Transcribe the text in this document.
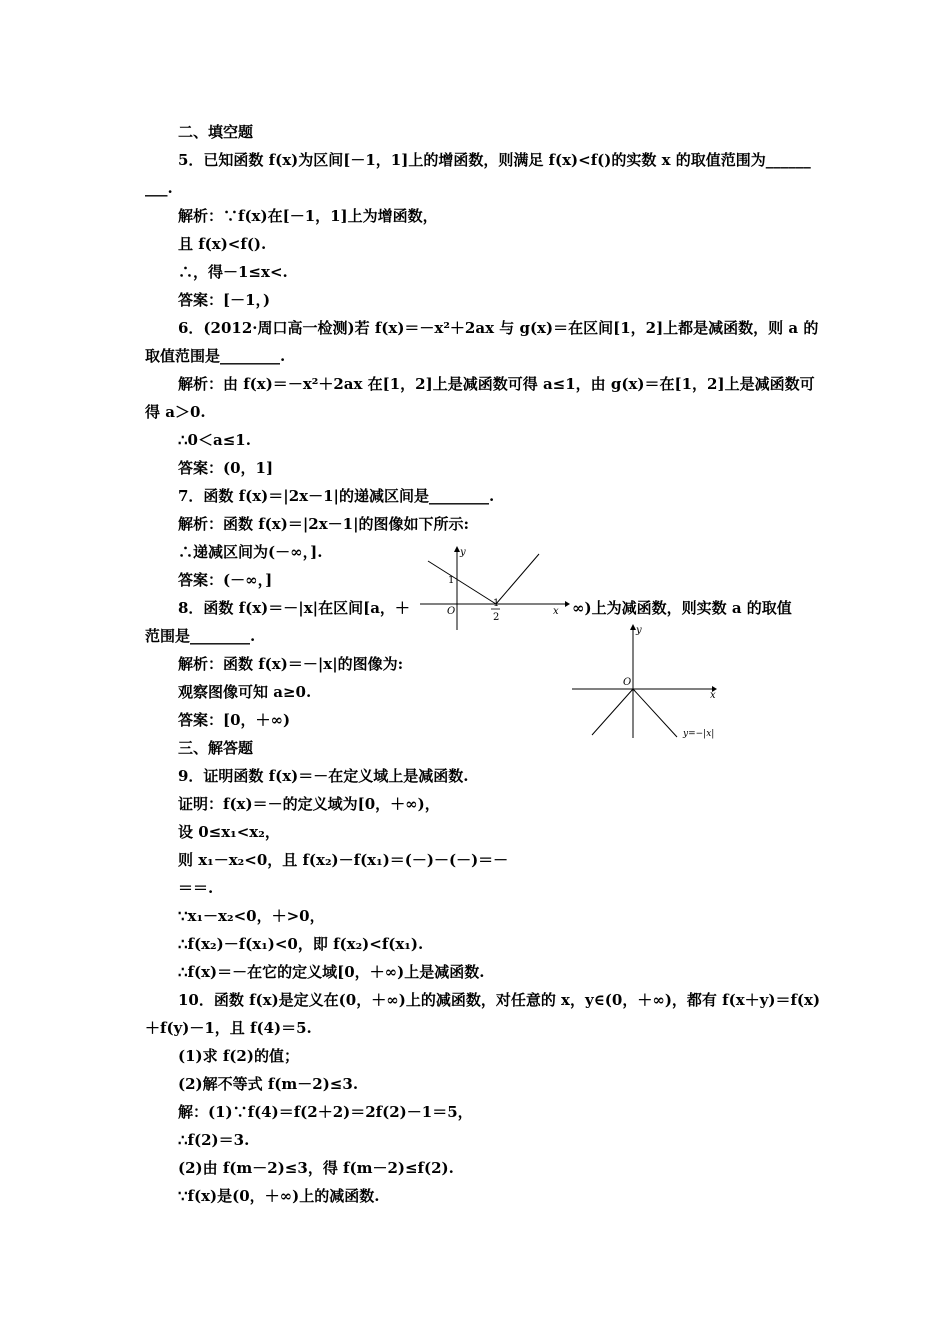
二、填空题
5．已知函数 f(x)为区间[－1，1]上的增函数，则满足 f(x)<f()的实数 x 的取值范围为______
___.
解析：∵f(x)在[－1，1]上为增函数，
且 f(x)<f().
∴，得－1≤x<.
答案：[－1，)
6．(2012·周口高一检测)若 f(x)＝－x²＋2ax 与 g(x)＝在区间[1，2]上都是减函数，则 a 的
取值范围是________.
解析：由 f(x)＝－x²＋2ax 在[1，2]上是减函数可得 a≤1，由 g(x)＝在[1，2]上是减函数可
得 a＞0.
∴0＜a≤1.
答案：(0，1]
7．函数 f(x)＝|2x－1|的递减区间是________.
解析：函数 f(x)＝|2x－1|的图像如下所示:
∴递减区间为(－∞，].
答案：(－∞，]
8．函数 f(x)＝－|x|在区间[a，＋	∞)上为减函数，则实数 a 的取值
范围是________.
解析：函数 f(x)＝－|x|的图像为:
观察图像可知 a≥0.
答案：[0，＋∞)
三、解答题
9．证明函数 f(x)＝－在定义域上是减函数.
证明：f(x)＝－的定义域为[0，＋∞)，
设 0≤x₁<x₂，
则 x₁－x₂<0，且 f(x₂)－f(x₁)＝(－)－(－)＝－
＝＝.
∵x₁－x₂<0，＋>0，
∴f(x₂)－f(x₁)<0，即 f(x₂)<f(x₁).
∴f(x)＝－在它的定义域[0，＋∞)上是减函数.
10．函数 f(x)是定义在(0，＋∞)上的减函数，对任意的 x，y∈(0，＋∞)，都有 f(x＋y)＝f(x)
＋f(y)－1，且 f(4)＝5.
(1)求 f(2)的值；
(2)解不等式 f(m－2)≤3.
解：(1)∵f(4)＝f(2＋2)＝2f(2)－1＝5，
∴f(2)＝3.
(2)由 f(m－2)≤3，得 f(m－2)≤f(2).
∵f(x)是(0，＋∞)上的减函数.
y
x
O
1
1
2
y
x
O
y=−|x|
